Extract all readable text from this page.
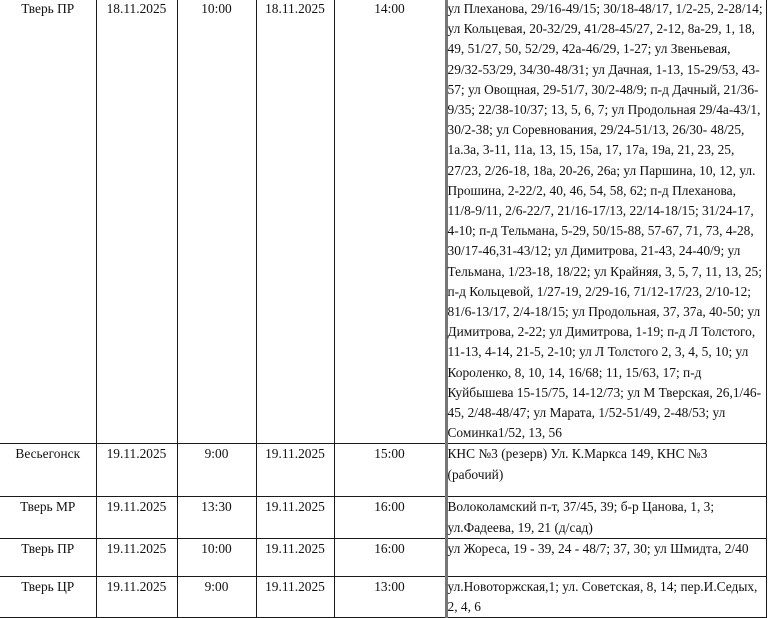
Тверь ПР	18.11.2025	10:00	18.11.2025	14:00	ул Плеханова, 29/16-49/15; 30/18-48/17, 1/2-25, 2-28/14; ул Кольцевая, 20-32/29, 41/28-45/27, 2-12, 8а-29, 1, 18, 49, 51/27, 50, 52/29, 42а-46/29, 1-27; ул Звеньевая, 29/32-53/29, 34/30-48/31; ул Дачная, 1-13, 15-29/53, 43-57; ул Овощная, 29-51/7, 30/2-48/9; п-д Дачный, 21/36-9/35; 22/38-10/37; 13, 5, 6, 7; ул Продольная 29/4а-43/1, 30/2-38; ул Соревнования, 29/24-51/13, 26/30- 48/25, 1а.3а, 3-11, 11а, 13, 15, 15а, 17, 17а, 19а, 21, 23, 25, 27/23, 2/26-18, 18а, 20-26, 26а; ул Паршина, 10, 12, ул. Прошина, 2-22/2, 40, 46, 54, 58, 62; п-д Плеханова, 11/8-9/11, 2/6-22/7, 21/16-17/13, 22/14-18/15; 31/24-17, 4-10; п-д Тельмана, 5-29, 50/15-88, 57-67, 71, 73, 4-28, 30/17-46,31-43/12; ул Димитрова, 21-43, 24-40/9; ул Тельмана, 1/23-18, 18/22; ул Крайняя, 3, 5, 7, 11, 13, 25; п-д Кольцевой, 1/27-19, 2/29-16, 71/12-17/23, 2/10-12; 81/6-13/17, 2/4-18/15; ул Продольная, 37, 37а, 40-50; ул Димитрова, 2-22; ул Димитрова, 1-19; п-д Л Толстого, 11-13, 4-14, 21-5, 2-10; ул Л Толстого 2, 3, 4, 5, 10; ул Короленко, 8, 10, 14, 16/68; 11, 15/63, 17; п-д Куйбышева 15-15/75, 14-12/73; ул М Тверская, 26,1/46-45, 2/48-48/47; ул Марата, 1/52-51/49, 2-48/53; ул Соминка1/52, 13, 56
Весьегонск	19.11.2025	9:00	19.11.2025	15:00	КНС №3 (резерв) Ул. К.Маркса 149, КНС №3 (рабочий)
Тверь МР	19.11.2025	13:30	19.11.2025	16:00	Волоколамский п-т, 37/45, 39; б-р Цанова, 1, 3; ул.Фадеева, 19, 21 (д/сад)
Тверь ПР	19.11.2025	10:00	19.11.2025	16:00	ул Жореса, 19 - 39, 24 - 48/7; 37, 30; ул Шмидта, 2/40
Тверь ЦР	19.11.2025	9:00	19.11.2025	13:00	ул.Новоторжская,1; ул. Советская, 8, 14; пер.И.Седых, 2, 4, 6
